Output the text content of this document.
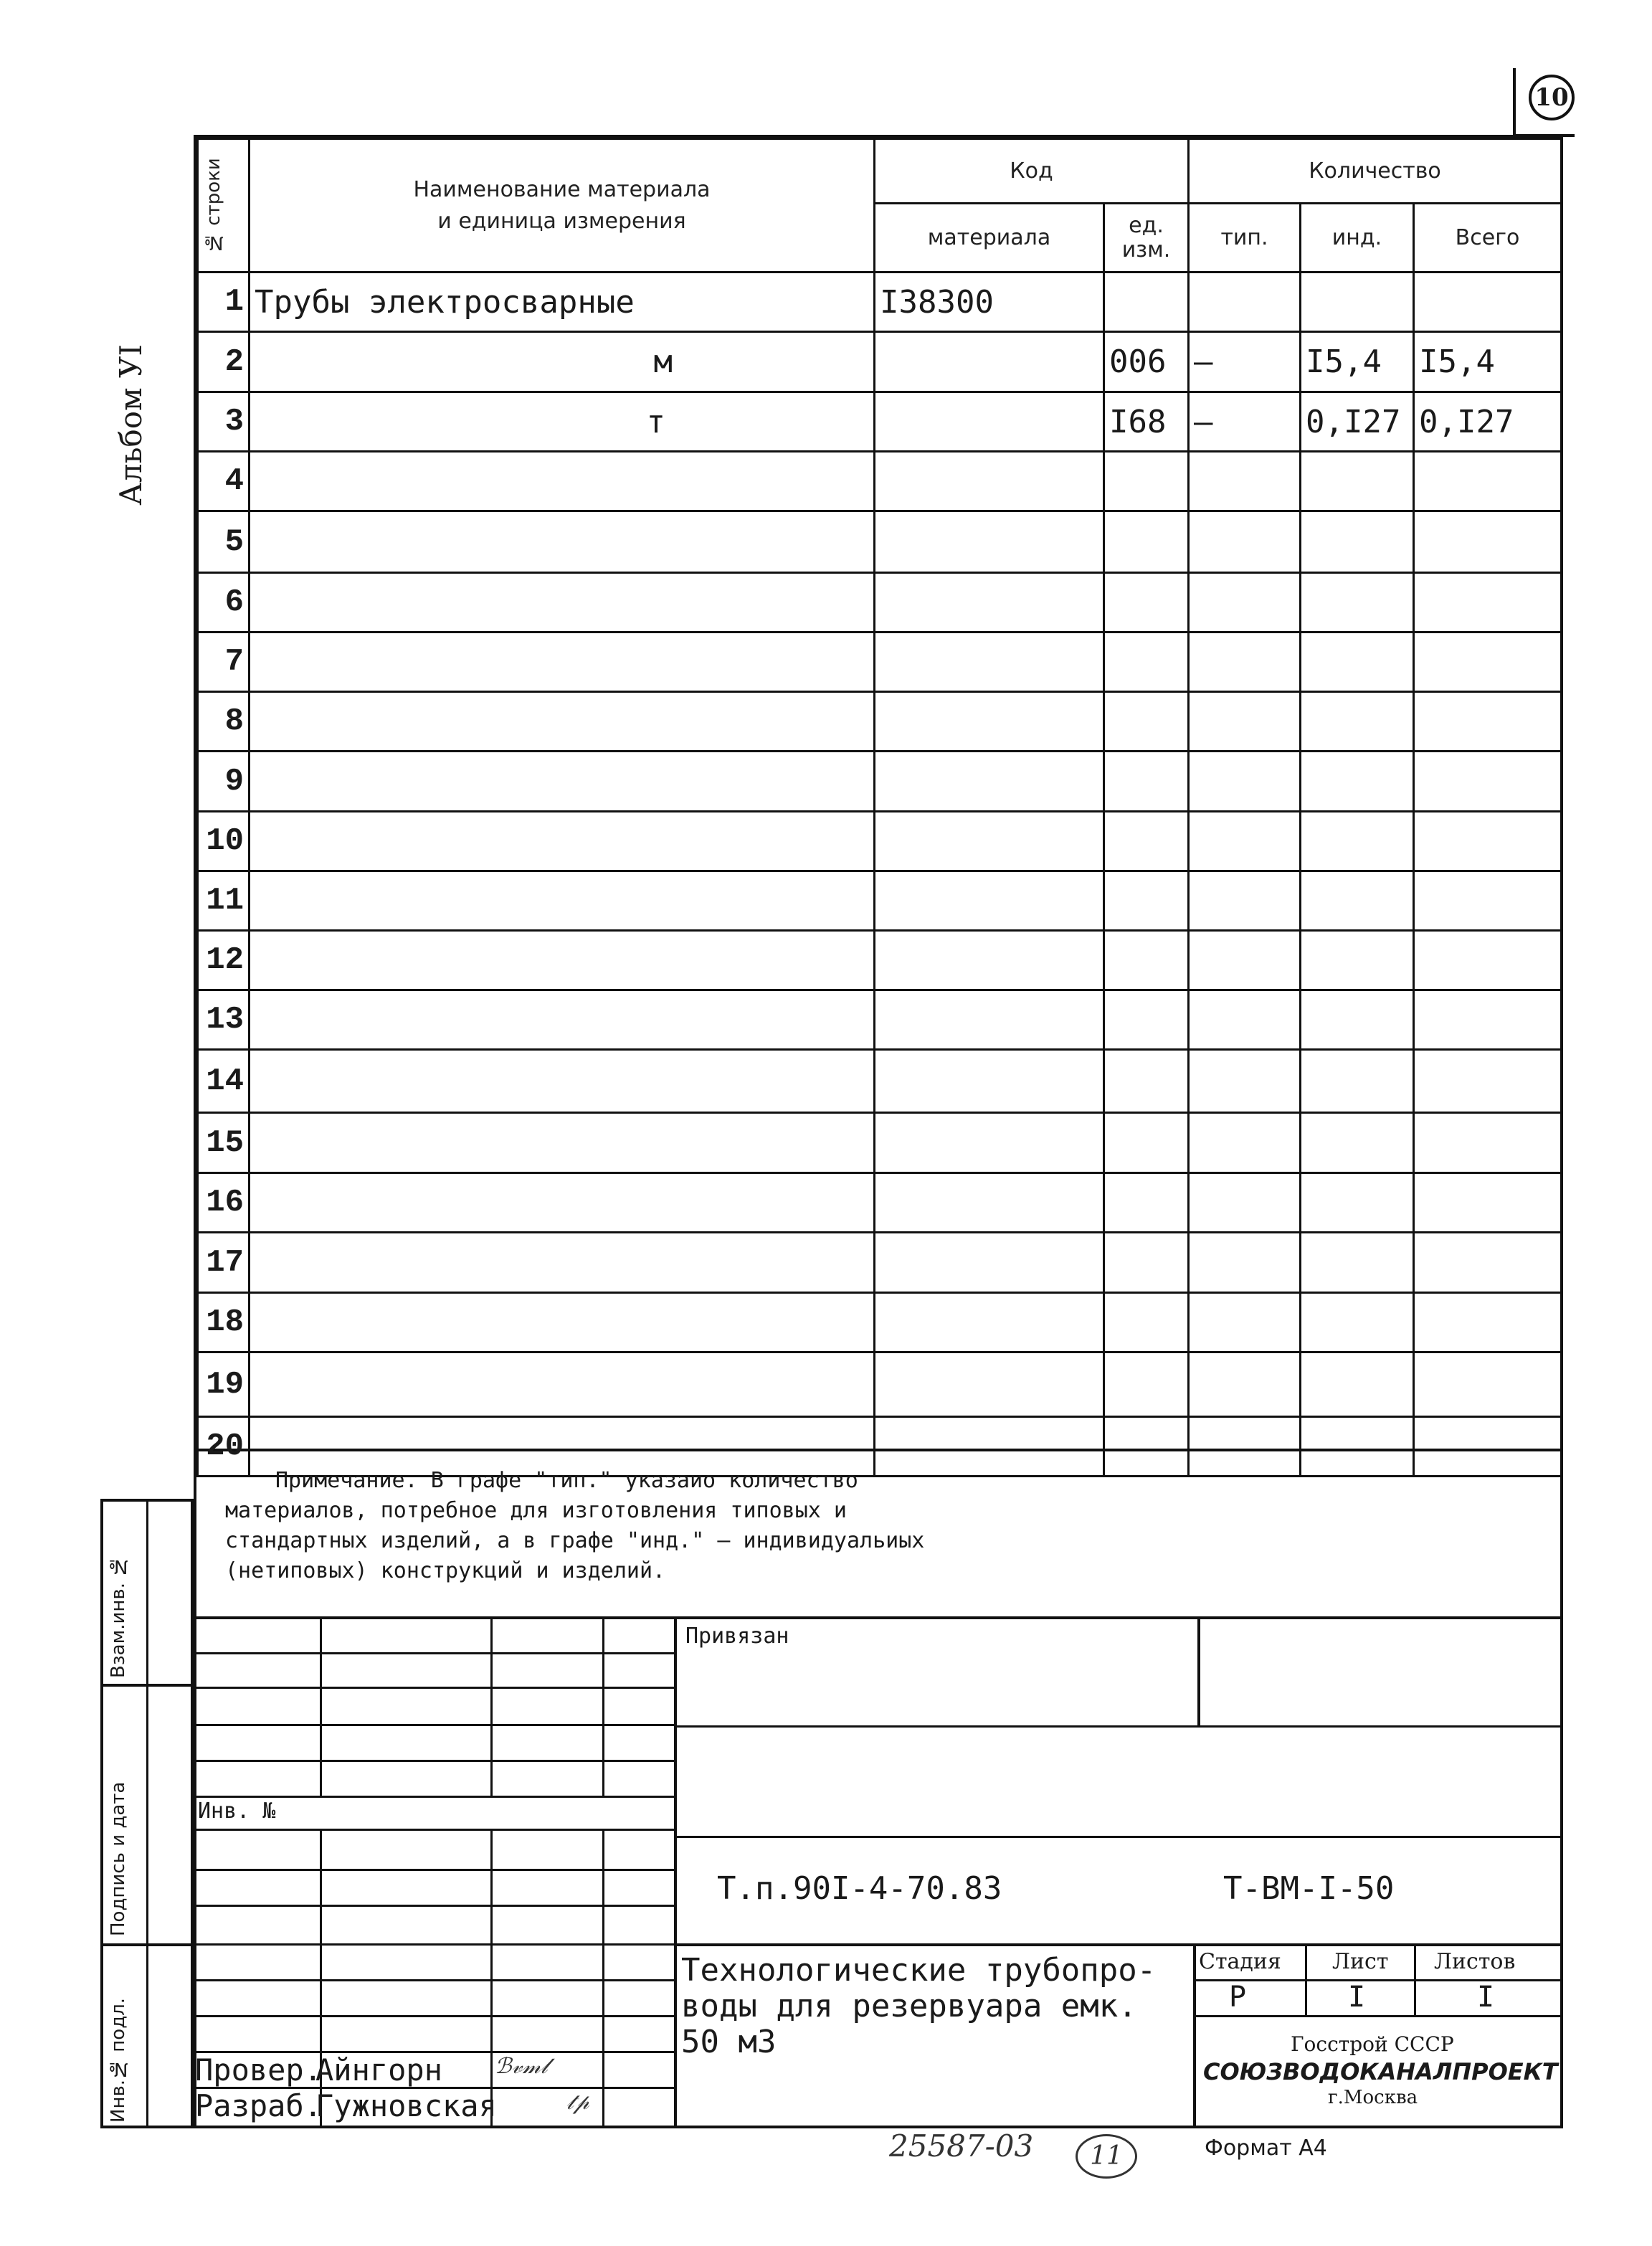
10
Альбом УI
№ строки	Наименование материала
и единица измерения	Код		Количество		
		материала	ед. изм.	тип.	инд.	Всего
1	Трубы электросварные	I38300				
2	м		006	–	I5,4	I5,4
3	т		I68	–	0,I27	0,I27
4						
5						
6						
7						
8						
9						
10						
11						
12						
13						
14						
15						
16						
17						
18						
19						
20						
Примечание. В графе "тип." указаио количество
материалов, потребное для изготовления типовых и
стандартных изделий, а в графе "инд." – индивидуальиых
(нетиповых) конструкций и изделий.
Взам.инв. №
Подпись и дата
Инв.№ подл.
Инв. №
Привязан
Т.п.90I-4-70.83	Т-ВМ-I-50
Технологические трубопро-
воды для резервуара емк.
50 м3
Стадия Лист Листов
Р	I	I
Госстрой СССР
СОЮЗВОДОКАНАЛПРОЕКТ
г.Москва
Провер.
Айнгорн ℬ𝓋𝓂𝓁
Разраб.
Гужновская	𝓉𝓅
25587-03	11	Формат А4
